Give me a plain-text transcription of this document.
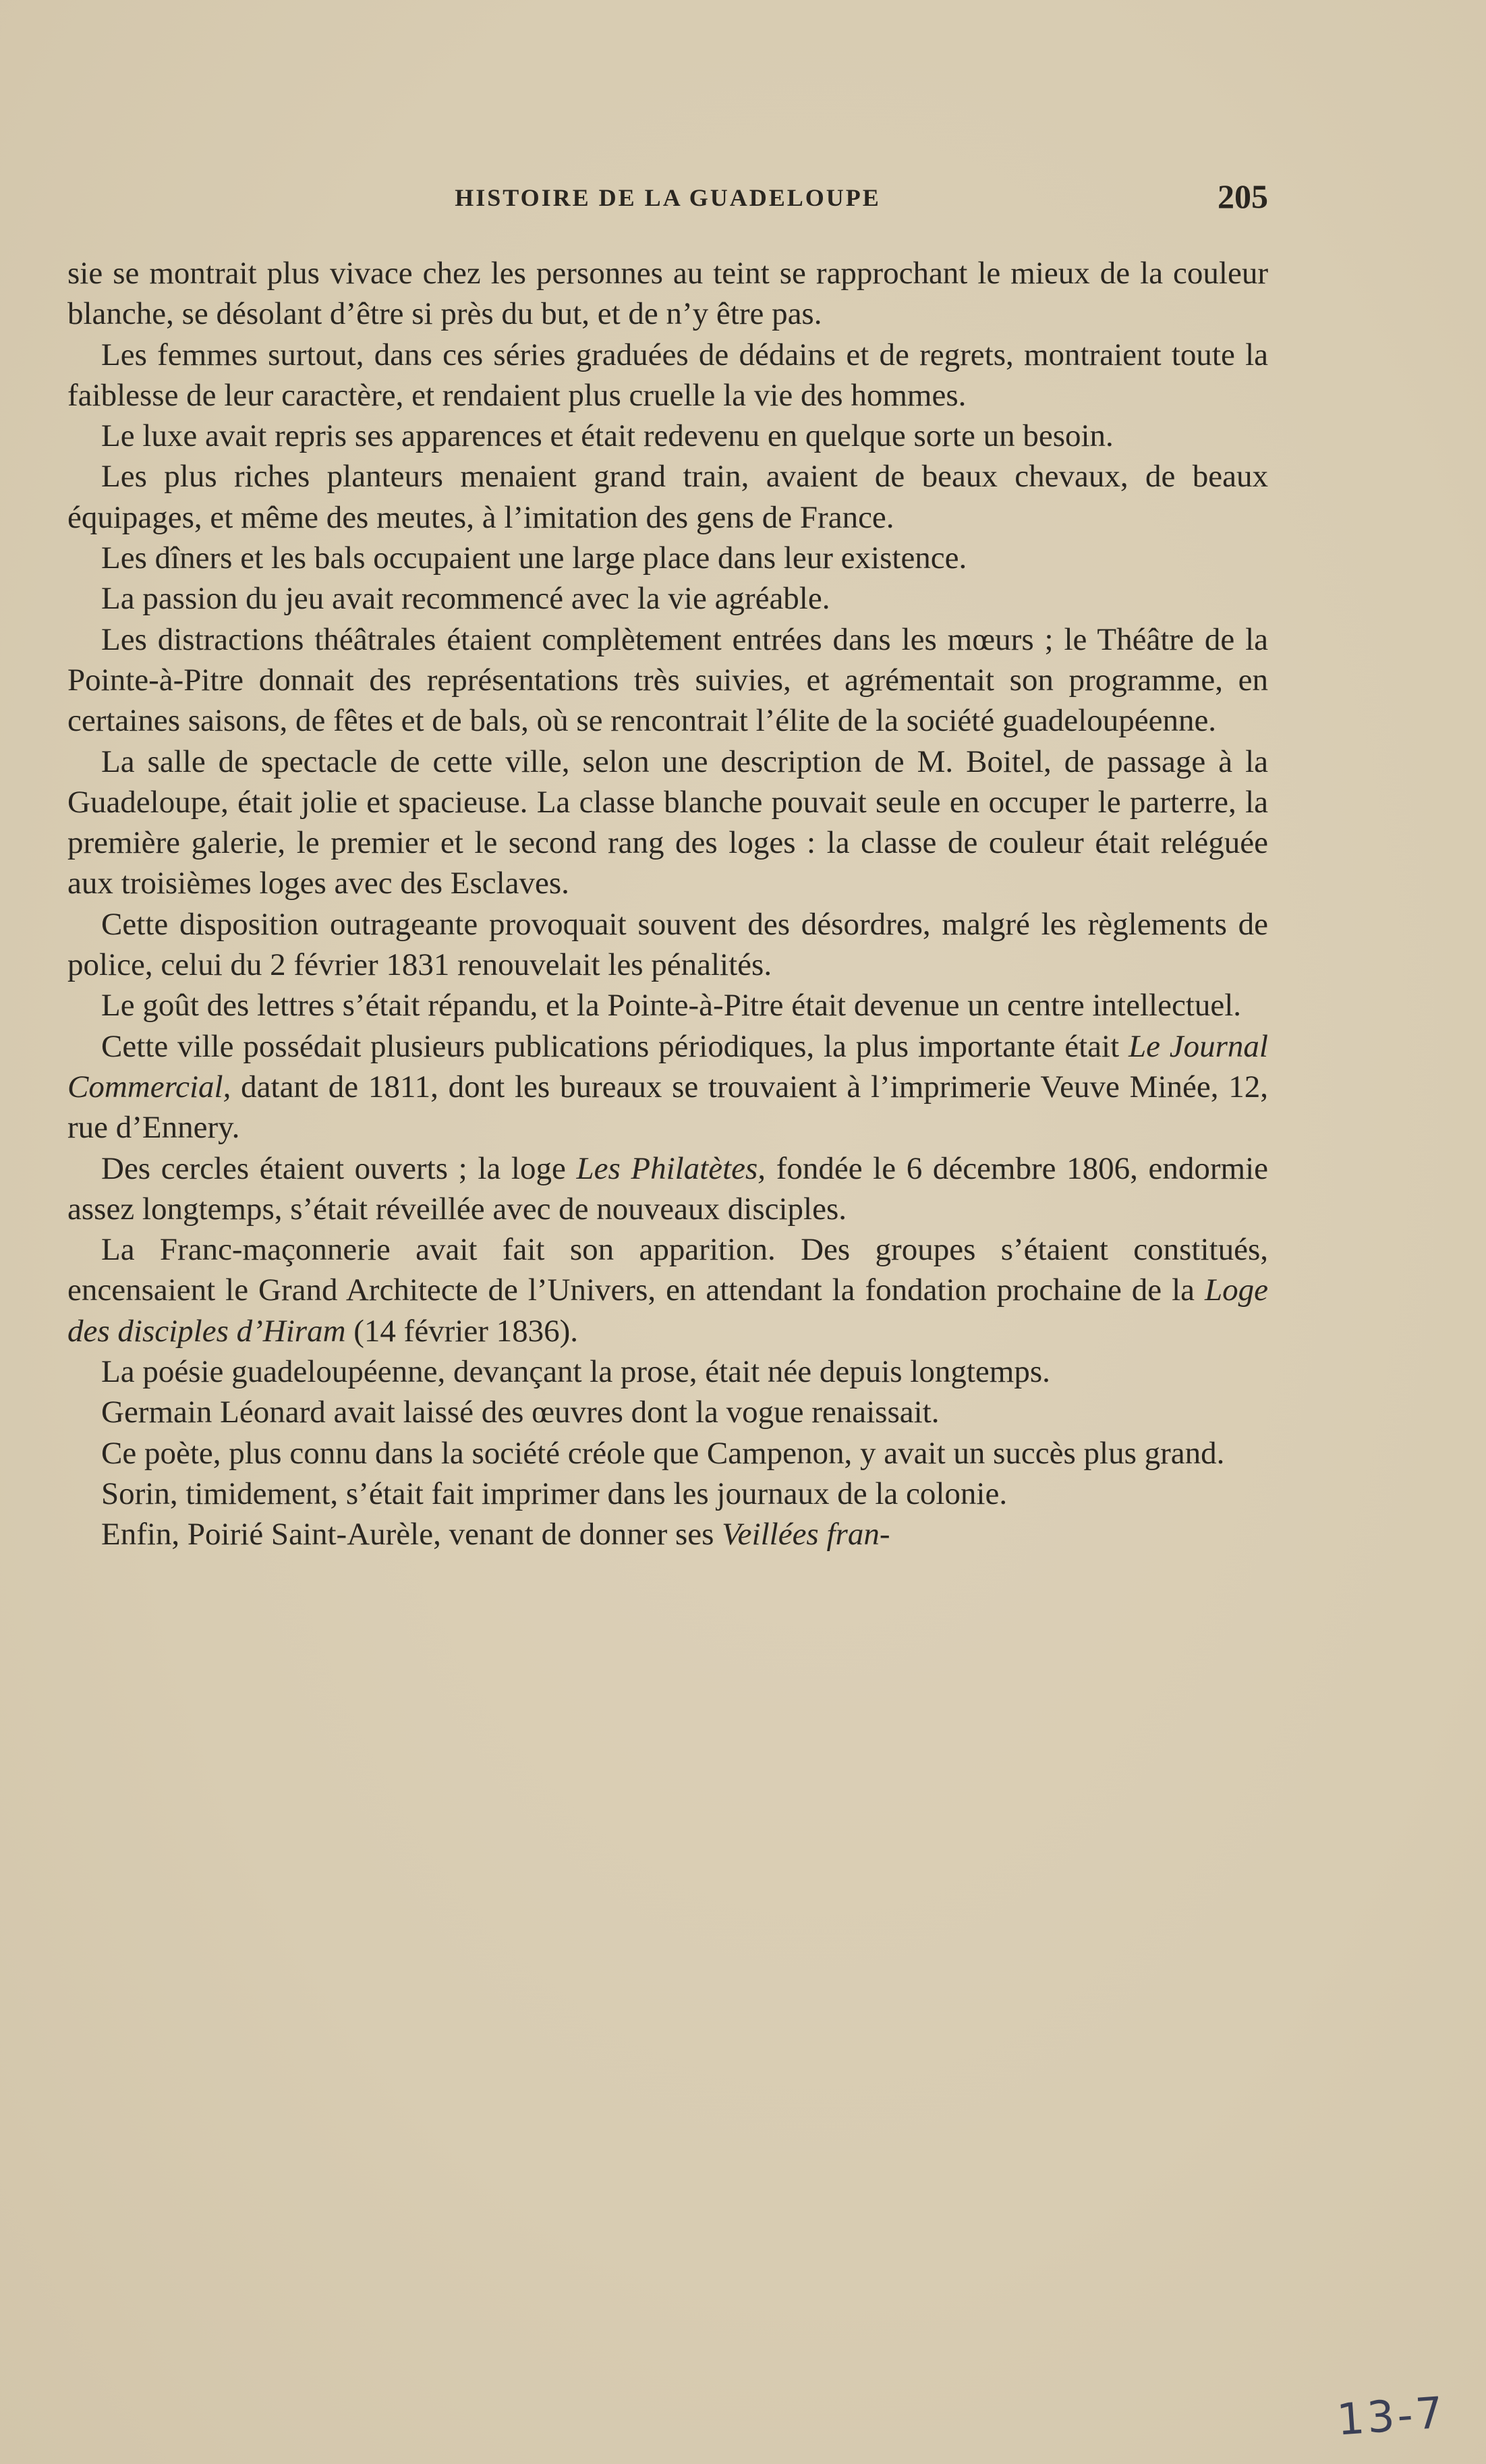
HISTOIRE DE LA GUADELOUPE	205

sie se montrait plus vivace chez les personnes au teint se rapprochant le mieux de la couleur blanche, se désolant d’être si près du but, et de n’y être pas.

Les femmes surtout, dans ces séries graduées de dédains et de regrets, montraient toute la faiblesse de leur caractère, et rendaient plus cruelle la vie des hommes.

Le luxe avait repris ses apparences et était redevenu en quelque sorte un besoin.

Les plus riches planteurs menaient grand train, avaient de beaux chevaux, de beaux équipages, et même des meutes, à l’imitation des gens de France.

Les dîners et les bals occupaient une large place dans leur existence.

La passion du jeu avait recommencé avec la vie agréable.

Les distractions théâtrales étaient complètement entrées dans les mœurs ; le Théâtre de la Pointe-à-Pitre donnait des représentations très suivies, et agrémentait son programme, en certaines saisons, de fêtes et de bals, où se rencontrait l’élite de la société guadeloupéenne.

La salle de spectacle de cette ville, selon une description de M. Boitel, de passage à la Guadeloupe, était jolie et spacieuse. La classe blanche pouvait seule en occuper le parterre, la première galerie, le premier et le second rang des loges : la classe de couleur était reléguée aux troisièmes loges avec des Esclaves.

Cette disposition outrageante provoquait souvent des désordres, malgré les règlements de police, celui du 2 février 1831 renouvelait les pénalités.

Le goût des lettres s’était répandu, et la Pointe-à-Pitre était devenue un centre intellectuel.

Cette ville possédait plusieurs publications périodiques, la plus importante était Le Journal Commercial, datant de 1811, dont les bureaux se trouvaient à l’imprimerie Veuve Minée, 12, rue d’Ennery.

Des cercles étaient ouverts ; la loge Les Philatètes, fondée le 6 décembre 1806, endormie assez longtemps, s’était réveillée avec de nouveaux disciples.

La Franc-maçonnerie avait fait son apparition. Des groupes s’étaient constitués, encensaient le Grand Architecte de l’Univers, en attendant la fondation prochaine de la Loge des disciples d’Hiram (14 février 1836).

La poésie guadeloupéenne, devançant la prose, était née depuis longtemps.

Germain Léonard avait laissé des œuvres dont la vogue renaissait.

Ce poète, plus connu dans la société créole que Campenon, y avait un succès plus grand.

Sorin, timidement, s’était fait imprimer dans les journaux de la colonie.

Enfin, Poirié Saint-Aurèle, venant de donner ses Veillées fran-

13-7
